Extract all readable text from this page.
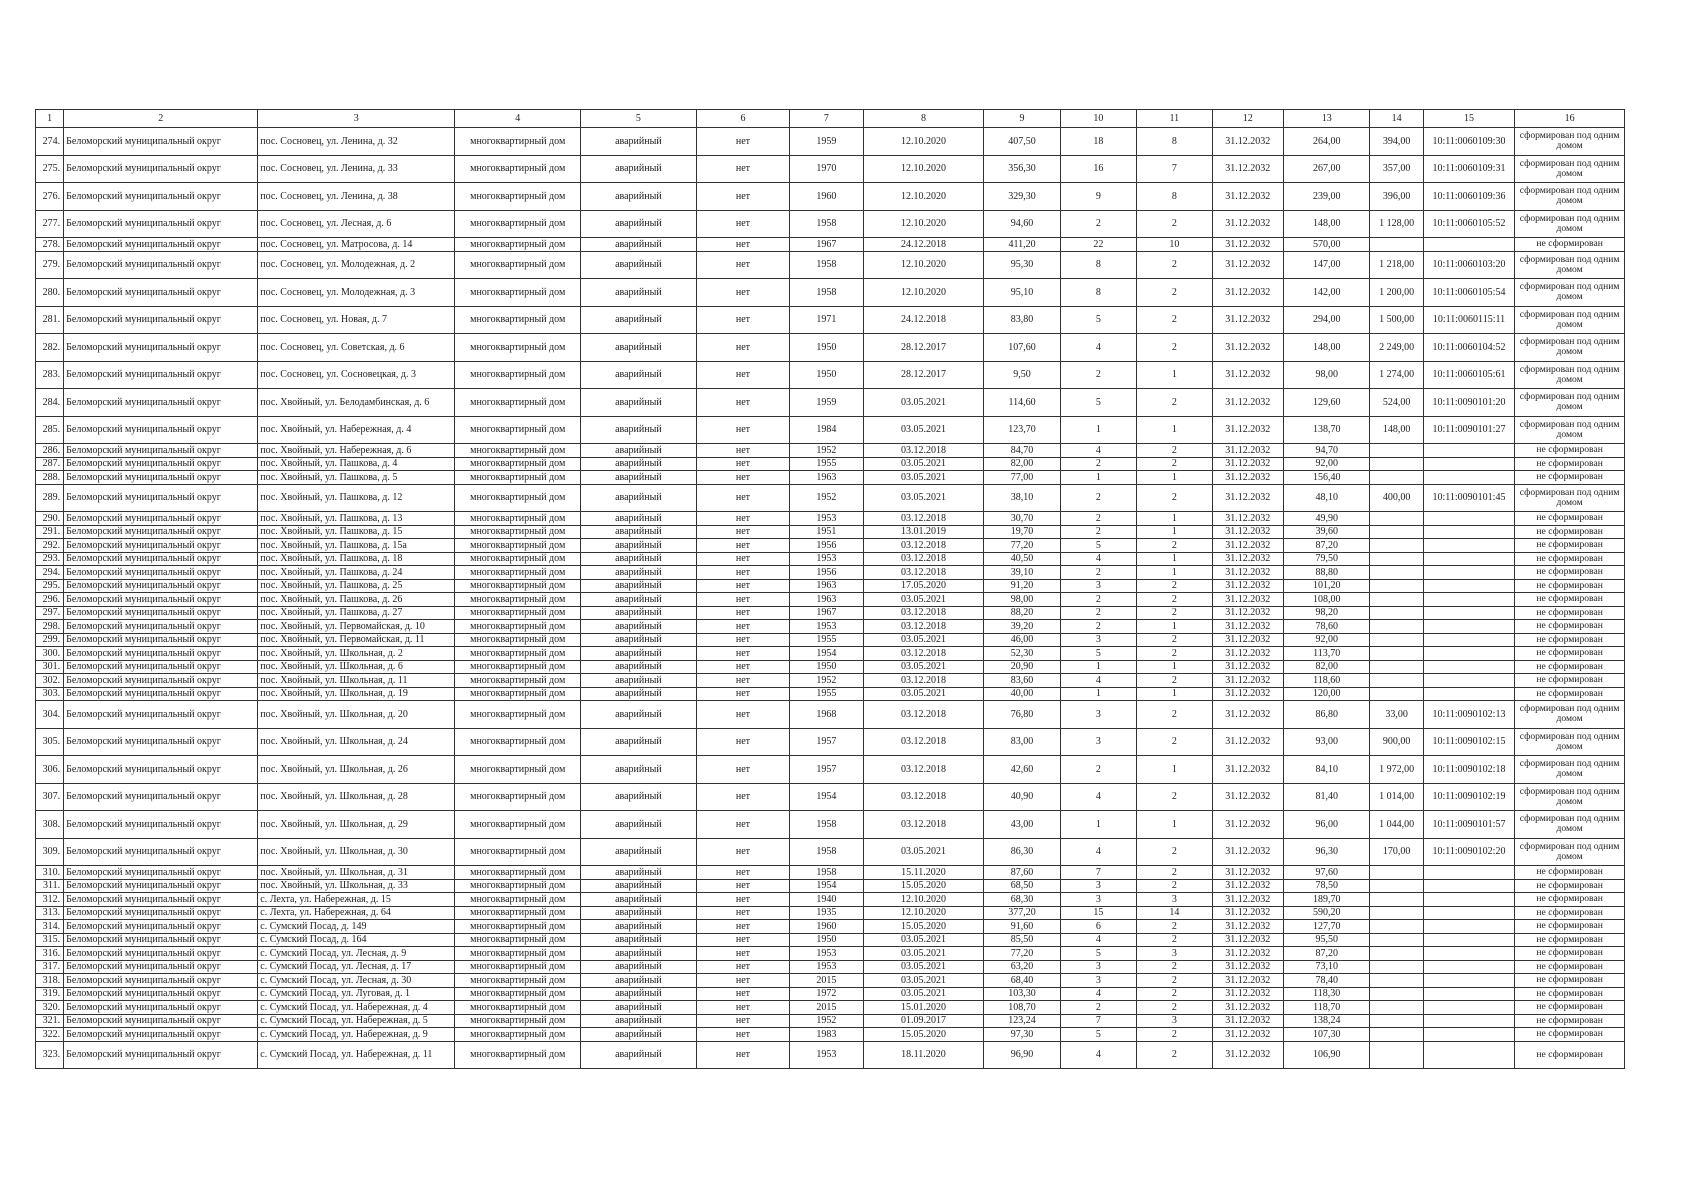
1	2	3	4	5	6	7	8	9	10	11	12	13	14	15	16
274.	Беломорский муниципальный округ	пос. Сосновец, ул. Ленина, д. 32	многоквартирный дом	аварийный	нет	1959	12.10.2020	407,50	18	8	31.12.2032	264,00	394,00	10:11:0060109:30	сформирован под одним домом
275.	Беломорский муниципальный округ	пос. Сосновец, ул. Ленина, д. 33	многоквартирный дом	аварийный	нет	1970	12.10.2020	356,30	16	7	31.12.2032	267,00	357,00	10:11:0060109:31	сформирован под одним домом
276.	Беломорский муниципальный округ	пос. Сосновец, ул. Ленина, д. 38	многоквартирный дом	аварийный	нет	1960	12.10.2020	329,30	9	8	31.12.2032	239,00	396,00	10:11:0060109:36	сформирован под одним домом
277.	Беломорский муниципальный округ	пос. Сосновец, ул. Лесная, д. 6	многоквартирный дом	аварийный	нет	1958	12.10.2020	94,60	2	2	31.12.2032	148,00	1 128,00	10:11:0060105:52	сформирован под одним домом
278.	Беломорский муниципальный округ	пос. Сосновец, ул. Матросова, д. 14	многоквартирный дом	аварийный	нет	1967	24.12.2018	411,20	22	10	31.12.2032	570,00			не сформирован
279.	Беломорский муниципальный округ	пос. Сосновец, ул. Молодежная, д. 2	многоквартирный дом	аварийный	нет	1958	12.10.2020	95,30	8	2	31.12.2032	147,00	1 218,00	10:11:0060103:20	сформирован под одним домом
280.	Беломорский муниципальный округ	пос. Сосновец, ул. Молодежная, д. 3	многоквартирный дом	аварийный	нет	1958	12.10.2020	95,10	8	2	31.12.2032	142,00	1 200,00	10:11:0060105:54	сформирован под одним домом
281.	Беломорский муниципальный округ	пос. Сосновец, ул. Новая, д. 7	многоквартирный дом	аварийный	нет	1971	24.12.2018	83,80	5	2	31.12.2032	294,00	1 500,00	10:11:0060115:11	сформирован под одним домом
282.	Беломорский муниципальный округ	пос. Сосновец, ул. Советская, д. 6	многоквартирный дом	аварийный	нет	1950	28.12.2017	107,60	4	2	31.12.2032	148,00	2 249,00	10:11:0060104:52	сформирован под одним домом
283.	Беломорский муниципальный округ	пос. Сосновец, ул. Сосновецкая, д. 3	многоквартирный дом	аварийный	нет	1950	28.12.2017	9,50	2	1	31.12.2032	98,00	1 274,00	10:11:0060105:61	сформирован под одним домом
284.	Беломорский муниципальный округ	пос. Хвойный, ул. Белодамбинская, д. 6	многоквартирный дом	аварийный	нет	1959	03.05.2021	114,60	5	2	31.12.2032	129,60	524,00	10:11:0090101:20	сформирован под одним домом
285.	Беломорский муниципальный округ	пос. Хвойный, ул. Набережная, д. 4	многоквартирный дом	аварийный	нет	1984	03.05.2021	123,70	1	1	31.12.2032	138,70	148,00	10:11:0090101:27	сформирован под одним домом
286.	Беломорский муниципальный округ	пос. Хвойный, ул. Набережная, д. 6	многоквартирный дом	аварийный	нет	1952	03.12.2018	84,70	4	2	31.12.2032	94,70			не сформирован
287.	Беломорский муниципальный округ	пос. Хвойный, ул. Пашкова, д. 4	многоквартирный дом	аварийный	нет	1955	03.05.2021	82,00	2	2	31.12.2032	92,00			не сформирован
288.	Беломорский муниципальный округ	пос. Хвойный, ул. Пашкова, д. 5	многоквартирный дом	аварийный	нет	1963	03.05.2021	77,00	1	1	31.12.2032	156,40			не сформирован
289.	Беломорский муниципальный округ	пос. Хвойный, ул. Пашкова, д. 12	многоквартирный дом	аварийный	нет	1952	03.05.2021	38,10	2	2	31.12.2032	48,10	400,00	10:11:0090101:45	сформирован под одним домом
290.	Беломорский муниципальный округ	пос. Хвойный, ул. Пашкова, д. 13	многоквартирный дом	аварийный	нет	1953	03.12.2018	30,70	2	1	31.12.2032	49,90			не сформирован
291.	Беломорский муниципальный округ	пос. Хвойный, ул. Пашкова, д. 15	многоквартирный дом	аварийный	нет	1951	13.01.2019	19,70	2	1	31.12.2032	39,60			не сформирован
292.	Беломорский муниципальный округ	пос. Хвойный, ул. Пашкова, д. 15а	многоквартирный дом	аварийный	нет	1956	03.12.2018	77,20	5	2	31.12.2032	87,20			не сформирован
293.	Беломорский муниципальный округ	пос. Хвойный, ул. Пашкова, д. 18	многоквартирный дом	аварийный	нет	1953	03.12.2018	40,50	4	1	31.12.2032	79,50			не сформирован
294.	Беломорский муниципальный округ	пос. Хвойный, ул. Пашкова, д. 24	многоквартирный дом	аварийный	нет	1956	03.12.2018	39,10	2	1	31.12.2032	88,80			не сформирован
295.	Беломорский муниципальный округ	пос. Хвойный, ул. Пашкова, д. 25	многоквартирный дом	аварийный	нет	1963	17.05.2020	91,20	3	2	31.12.2032	101,20			не сформирован
296.	Беломорский муниципальный округ	пос. Хвойный, ул. Пашкова, д. 26	многоквартирный дом	аварийный	нет	1963	03.05.2021	98,00	2	2	31.12.2032	108,00			не сформирован
297.	Беломорский муниципальный округ	пос. Хвойный, ул. Пашкова, д. 27	многоквартирный дом	аварийный	нет	1967	03.12.2018	88,20	2	2	31.12.2032	98,20			не сформирован
298.	Беломорский муниципальный округ	пос. Хвойный, ул. Первомайская, д. 10	многоквартирный дом	аварийный	нет	1953	03.12.2018	39,20	2	1	31.12.2032	78,60			не сформирован
299.	Беломорский муниципальный округ	пос. Хвойный, ул. Первомайская, д. 11	многоквартирный дом	аварийный	нет	1955	03.05.2021	46,00	3	2	31.12.2032	92,00			не сформирован
300.	Беломорский муниципальный округ	пос. Хвойный, ул. Школьная, д. 2	многоквартирный дом	аварийный	нет	1954	03.12.2018	52,30	5	2	31.12.2032	113,70			не сформирован
301.	Беломорский муниципальный округ	пос. Хвойный, ул. Школьная, д. 6	многоквартирный дом	аварийный	нет	1950	03.05.2021	20,90	1	1	31.12.2032	82,00			не сформирован
302.	Беломорский муниципальный округ	пос. Хвойный, ул. Школьная, д. 11	многоквартирный дом	аварийный	нет	1952	03.12.2018	83,60	4	2	31.12.2032	118,60			не сформирован
303.	Беломорский муниципальный округ	пос. Хвойный, ул. Школьная, д. 19	многоквартирный дом	аварийный	нет	1955	03.05.2021	40,00	1	1	31.12.2032	120,00			не сформирован
304.	Беломорский муниципальный округ	пос. Хвойный, ул. Школьная, д. 20	многоквартирный дом	аварийный	нет	1968	03.12.2018	76,80	3	2	31.12.2032	86,80	33,00	10:11:0090102:13	сформирован под одним домом
305.	Беломорский муниципальный округ	пос. Хвойный, ул. Школьная, д. 24	многоквартирный дом	аварийный	нет	1957	03.12.2018	83,00	3	2	31.12.2032	93,00	900,00	10:11:0090102:15	сформирован под одним домом
306.	Беломорский муниципальный округ	пос. Хвойный, ул. Школьная, д. 26	многоквартирный дом	аварийный	нет	1957	03.12.2018	42,60	2	1	31.12.2032	84,10	1 972,00	10:11:0090102:18	сформирован под одним домом
307.	Беломорский муниципальный округ	пос. Хвойный, ул. Школьная, д. 28	многоквартирный дом	аварийный	нет	1954	03.12.2018	40,90	4	2	31.12.2032	81,40	1 014,00	10:11:0090102:19	сформирован под одним домом
308.	Беломорский муниципальный округ	пос. Хвойный, ул. Школьная, д. 29	многоквартирный дом	аварийный	нет	1958	03.12.2018	43,00	1	1	31.12.2032	96,00	1 044,00	10:11:0090101:57	сформирован под одним домом
309.	Беломорский муниципальный округ	пос. Хвойный, ул. Школьная, д. 30	многоквартирный дом	аварийный	нет	1958	03.05.2021	86,30	4	2	31.12.2032	96,30	170,00	10:11:0090102:20	сформирован под одним домом
310.	Беломорский муниципальный округ	пос. Хвойный, ул. Школьная, д. 31	многоквартирный дом	аварийный	нет	1958	15.11.2020	87,60	7	2	31.12.2032	97,60			не сформирован
311.	Беломорский муниципальный округ	пос. Хвойный, ул. Школьная, д. 33	многоквартирный дом	аварийный	нет	1954	15.05.2020	68,50	3	2	31.12.2032	78,50			не сформирован
312.	Беломорский муниципальный округ	с. Лехта, ул. Набережная, д. 15	многоквартирный дом	аварийный	нет	1940	12.10.2020	68,30	3	3	31.12.2032	189,70			не сформирован
313.	Беломорский муниципальный округ	с. Лехта, ул. Набережная, д. 64	многоквартирный дом	аварийный	нет	1935	12.10.2020	377,20	15	14	31.12.2032	590,20			не сформирован
314.	Беломорский муниципальный округ	с. Сумский Посад, д. 149	многоквартирный дом	аварийный	нет	1960	15.05.2020	91,60	6	2	31.12.2032	127,70			не сформирован
315.	Беломорский муниципальный округ	с. Сумский Посад, д. 164	многоквартирный дом	аварийный	нет	1950	03.05.2021	85,50	4	2	31.12.2032	95,50			не сформирован
316.	Беломорский муниципальный округ	с. Сумский Посад, ул. Лесная, д. 9	многоквартирный дом	аварийный	нет	1953	03.05.2021	77,20	5	3	31.12.2032	87,20			не сформирован
317.	Беломорский муниципальный округ	с. Сумский Посад, ул. Лесная, д. 17	многоквартирный дом	аварийный	нет	1953	03.05.2021	63,20	3	2	31.12.2032	73,10			не сформирован
318.	Беломорский муниципальный округ	с. Сумский Посад, ул. Лесная, д. 30	многоквартирный дом	аварийный	нет	2015	03.05.2021	68,40	3	2	31.12.2032	78,40			не сформирован
319.	Беломорский муниципальный округ	с. Сумский Посад, ул. Луговая, д. 1	многоквартирный дом	аварийный	нет	1972	03.05.2021	103,30	4	2	31.12.2032	118,30			не сформирован
320.	Беломорский муниципальный округ	с. Сумский Посад, ул. Набережная, д. 4	многоквартирный дом	аварийный	нет	2015	15.01.2020	108,70	2	2	31.12.2032	118,70			не сформирован
321.	Беломорский муниципальный округ	с. Сумский Посад, ул. Набережная, д. 5	многоквартирный дом	аварийный	нет	1952	01.09.2017	123,24	7	3	31.12.2032	138,24			не сформирован
322.	Беломорский муниципальный округ	с. Сумский Посад, ул. Набережная, д. 9	многоквартирный дом	аварийный	нет	1983	15.05.2020	97,30	5	2	31.12.2032	107,30			не сформирован
323.	Беломорский муниципальный округ	с. Сумский Посад, ул. Набережная, д. 11	многоквартирный дом	аварийный	нет	1953	18.11.2020	96,90	4	2	31.12.2032	106,90			не сформирован
